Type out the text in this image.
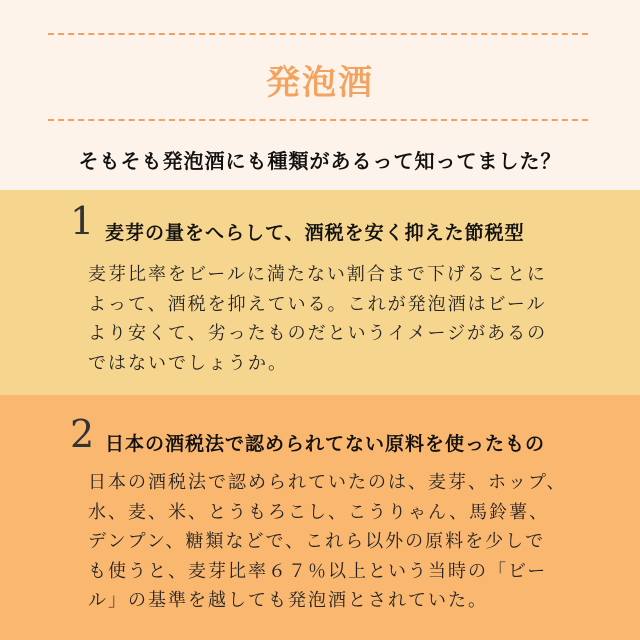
発泡酒
そもそも発泡酒にも種類があるって知ってました？
1 麦芽の量をへらして、酒税を安く抑えた節税型
麦芽比率をビールに満たない割合まで下げることに
よって、酒税を抑えている。これが発泡酒はビール
より安くて、劣ったものだというイメージがあるの
ではないでしょうか。
2 日本の酒税法で認められてない原料を使ったもの
日本の酒税法で認められていたのは、麦芽、ホップ、
水、麦、米、とうもろこし、こうりゃん、馬鈴薯、
デンプン、糖類などで、これら以外の原料を少しで
も使うと、麦芽比率６７％以上という当時の「ビー
ル」の基準を越しても発泡酒とされていた。
